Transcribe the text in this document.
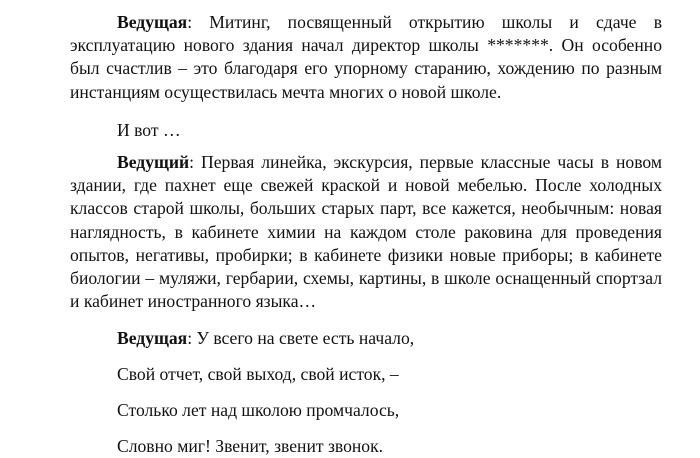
Ведущая: Митинг, посвященный открытию школы и сдаче в эксплуатацию нового здания начал директор школы *******. Он особенно был счастлив – это благодаря его упорному старанию, хождению по разным инстанциям осуществилась мечта многих о новой школе.

И вот …

Ведущий: Первая линейка, экскурсия, первые классные часы в новом здании, где пахнет еще свежей краской и новой мебелью. После холодных классов старой школы, больших старых парт, все кажется, необычным: новая наглядность, в кабинете химии на каждом столе раковина для проведения опытов, негативы, пробирки; в кабинете физики новые приборы; в кабинете биологии – муляжи, гербарии, схемы, картины, в школе оснащенный спортзал и кабинет иностранного языка…

Ведущая: У всего на свете есть начало,

Свой отчет, свой выход, свой исток, –

Столько лет над школою промчалось,

Словно миг! Звенит, звенит звонок.
